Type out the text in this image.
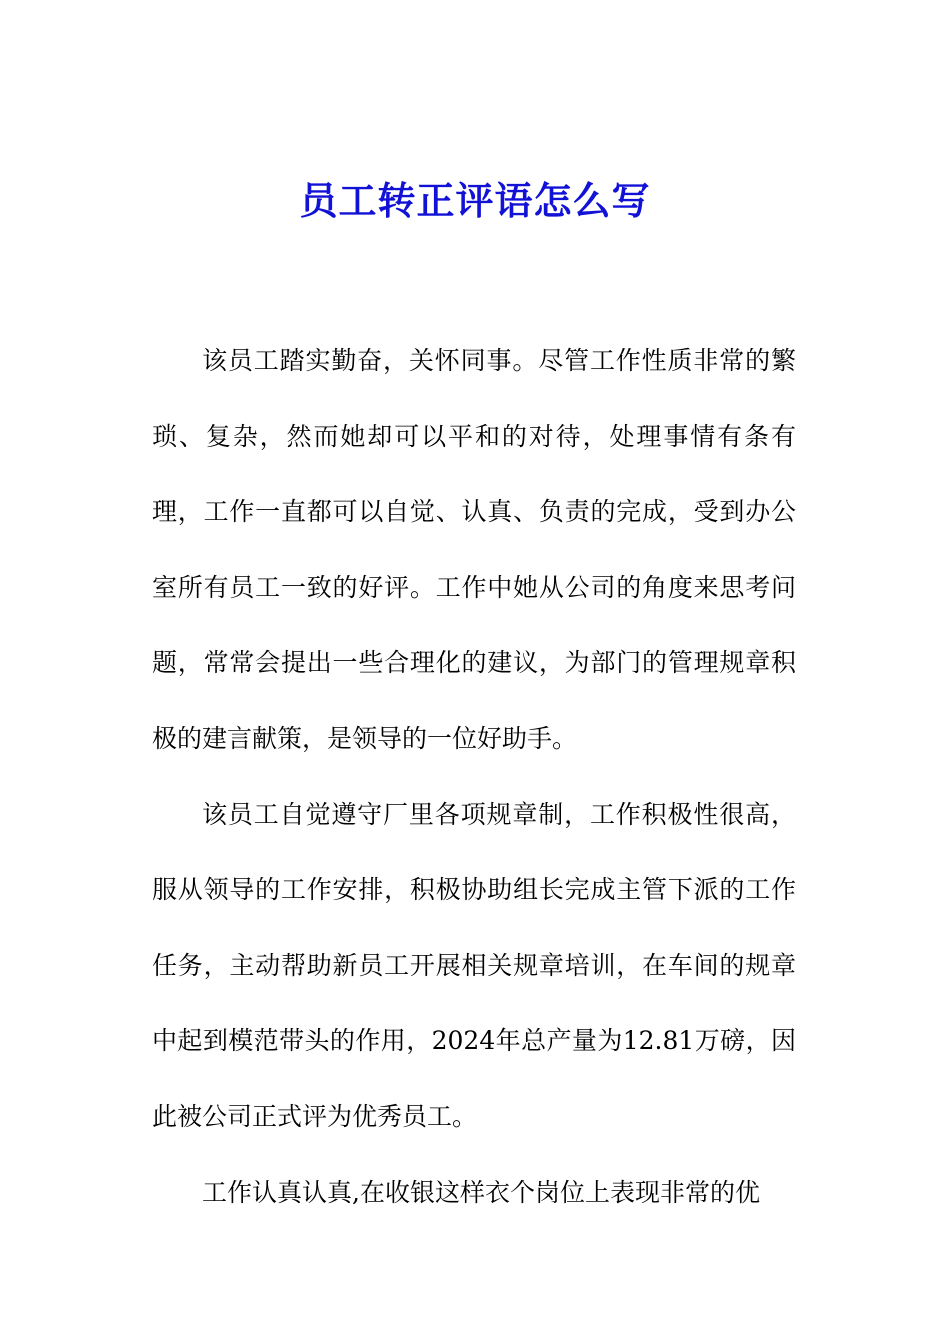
员工转正评语怎么写

该员工踏实勤奋，关怀同事。尽管工作性质非常的繁琐、复杂，然而她却可以平和的对待，处理事情有条有理，工作一直都可以自觉、认真、负责的完成，受到办公室所有员工一致的好评。工作中她从公司的角度来思考问题，常常会提出一些合理化的建议，为部门的管理规章积极的建言献策，是领导的一位好助手。

该员工自觉遵守厂里各项规章制，工作积极性很高，服从领导的工作安排，积极协助组长完成主管下派的工作任务，主动帮助新员工开展相关规章培训，在车间的规章中起到模范带头的作用，2024年总产量为12.81万磅，因此被公司正式评为优秀员工。

工作认真认真,在收银这样衣个岗位上表现非常的优
